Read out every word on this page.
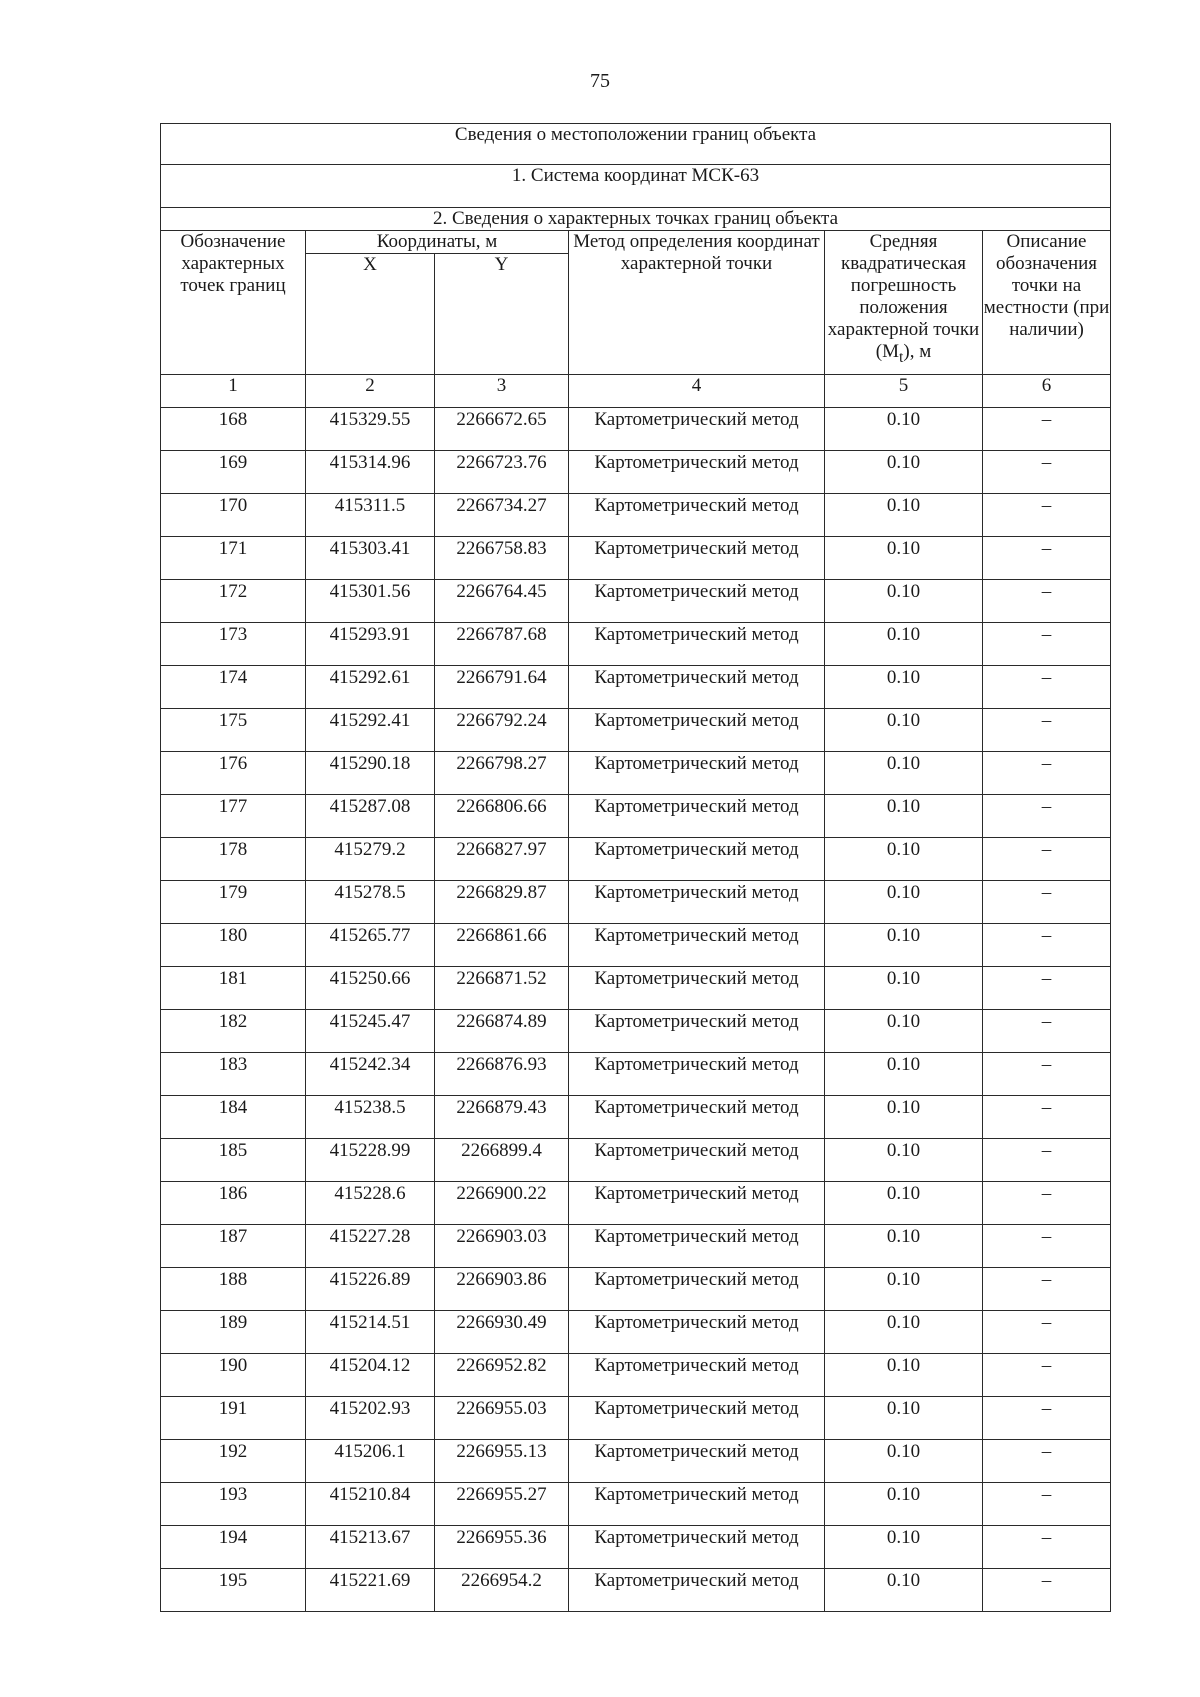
75
Сведения о местоположении границ объекта					
1. Система координат МСК-63					
2. Сведения о характерных точках границ объекта					
Обозначение характерных точек границ	Координаты, м		Метод определения координат характерной точки	Средняя квадратическая погрешность положения характерной точки $(М_t)$, м	Описание обозначения точки на местности (при наличии)
	X	Y			
1	2	3	4	5	6
168	415329.55	2266672.65	Картометрический метод	0.10	–
169	415314.96	2266723.76	Картометрический метод	0.10	–
170	415311.5	2266734.27	Картометрический метод	0.10	–
171	415303.41	2266758.83	Картометрический метод	0.10	–
172	415301.56	2266764.45	Картометрический метод	0.10	–
173	415293.91	2266787.68	Картометрический метод	0.10	–
174	415292.61	2266791.64	Картометрический метод	0.10	–
175	415292.41	2266792.24	Картометрический метод	0.10	–
176	415290.18	2266798.27	Картометрический метод	0.10	–
177	415287.08	2266806.66	Картометрический метод	0.10	–
178	415279.2	2266827.97	Картометрический метод	0.10	–
179	415278.5	2266829.87	Картометрический метод	0.10	–
180	415265.77	2266861.66	Картометрический метод	0.10	–
181	415250.66	2266871.52	Картометрический метод	0.10	–
182	415245.47	2266874.89	Картометрический метод	0.10	–
183	415242.34	2266876.93	Картометрический метод	0.10	–
184	415238.5	2266879.43	Картометрический метод	0.10	–
185	415228.99	2266899.4	Картометрический метод	0.10	–
186	415228.6	2266900.22	Картометрический метод	0.10	–
187	415227.28	2266903.03	Картометрический метод	0.10	–
188	415226.89	2266903.86	Картометрический метод	0.10	–
189	415214.51	2266930.49	Картометрический метод	0.10	–
190	415204.12	2266952.82	Картометрический метод	0.10	–
191	415202.93	2266955.03	Картометрический метод	0.10	–
192	415206.1	2266955.13	Картометрический метод	0.10	–
193	415210.84	2266955.27	Картометрический метод	0.10	–
194	415213.67	2266955.36	Картометрический метод	0.10	–
195	415221.69	2266954.2	Картометрический метод	0.10	–
